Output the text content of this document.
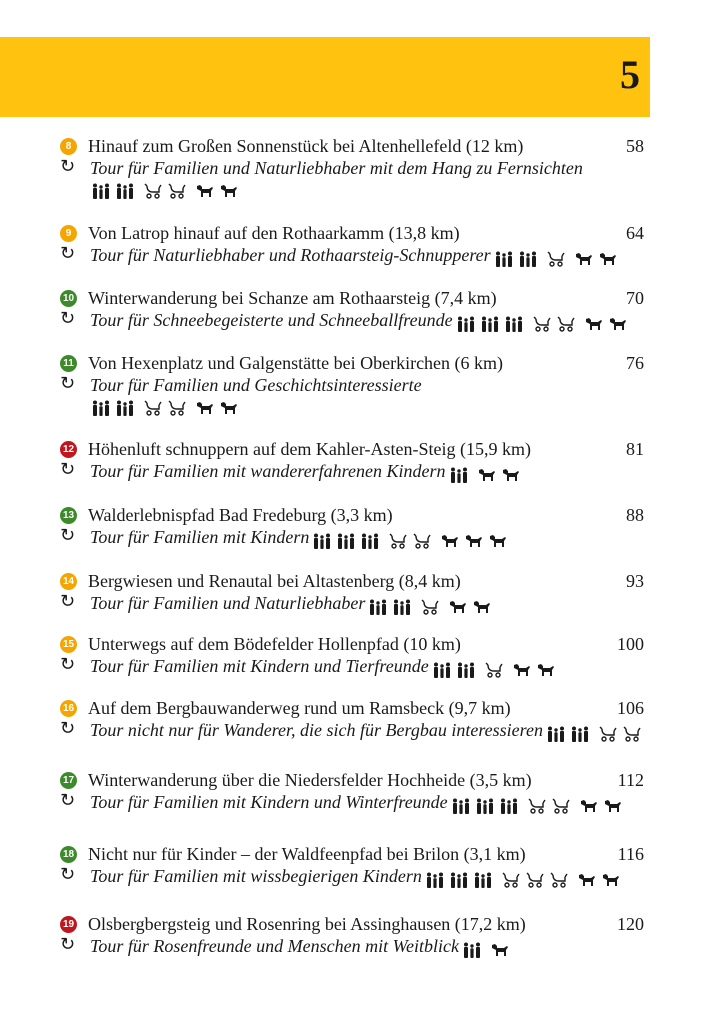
5
8 Hinauf zum Großen Sonnenstück bei Altenhellefeld (12 km)	58
↻ Tour für Familien und Naturliebhaber mit dem Hang zu Fernsichten
9 Von Latrop hinauf auf den Rothaarkamm (13,8 km)	64
↻ Tour für Naturliebhaber und Rothaarsteig-Schnupperer
10 Winterwanderung bei Schanze am Rothaarsteig (7,4 km)	70
↻ Tour für Schneebegeisterte und Schneeballfreunde
11 Von Hexenplatz und Galgenstätte bei Oberkirchen (6 km)	76
↻ Tour für Familien und Geschichtsinteressierte
12 Höhenluft schnuppern auf dem Kahler-Asten-Steig (15,9 km)	81
↻ Tour für Familien mit wandererfahrenen Kindern
13 Walderlebnispfad Bad Fredeburg (3,3 km)	88
↻ Tour für Familien mit Kindern
14 Bergwiesen und Renautal bei Altastenberg (8,4 km)	93
↻ Tour für Familien und Naturliebhaber
15 Unterwegs auf dem Bödefelder Hollenpfad (10 km)	100
↻ Tour für Familien mit Kindern und Tierfreunde
16 Auf dem Bergbauwanderweg rund um Ramsbeck (9,7 km)	106
↻ Tour nicht nur für Wanderer, die sich für Bergbau interessieren
17 Winterwanderung über die Niedersfelder Hochheide (3,5 km)	112
↻ Tour für Familien mit Kindern und Winterfreunde
18 Nicht nur für Kinder – der Waldfeenpfad bei Brilon (3,1 km)	116
↻ Tour für Familien mit wissbegierigen Kindern
19 Olsbergbergsteig und Rosenring bei Assinghausen (17,2 km)	120
↻ Tour für Rosenfreunde und Menschen mit Weitblick
